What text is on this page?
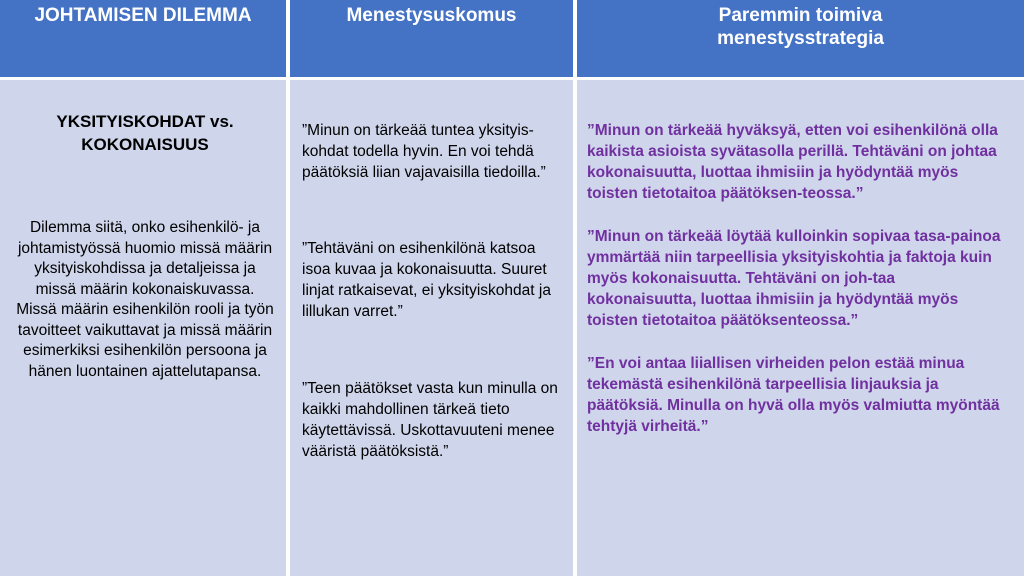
JOHTAMISEN DILEMMA	Menestysuskomus	Paremmin toimiva
menestysstrategia
YKSITYISKOHDAT vs.
KOKONAISUUS

Dilemma siitä, onko esihenkilö- ja johtamistyössä huomio missä määrin yksityiskohdissa ja detaljeissa ja missä määrin kokonaiskuvassa. Missä määrin esihenkilön rooli ja työn tavoitteet vaikuttavat ja missä määrin esimerkiksi esihenkilön persoona ja hänen luontainen ajattelutapansa.

”Minun on tärkeää tuntea yksityis-kohdat todella hyvin. En voi tehdä päätöksiä liian vajavaisilla tiedoilla.”

”Tehtäväni on esihenkilönä katsoa isoa kuvaa ja kokonaisuutta. Suuret linjat ratkaisevat, ei yksityiskohdat ja lillukan varret.”

”Teen päätökset vasta kun minulla on kaikki mahdollinen tärkeä tieto käytettävissä. Uskottavuuteni menee vääristä päätöksistä.”

”Minun on tärkeää hyväksyä, etten voi esihenkilönä olla kaikista asioista syvätasolla perillä. Tehtäväni on johtaa kokonaisuutta, luottaa ihmisiin ja hyödyntää myös toisten tietotaitoa päätöksen-teossa.”

”Minun on tärkeää löytää kulloinkin sopivaa tasa-painoa ymmärtää niin tarpeellisia yksityiskohtia ja faktoja kuin myös kokonaisuutta. Tehtäväni on joh-taa kokonaisuutta, luottaa ihmisiin ja hyödyntää myös toisten tietotaitoa päätöksenteossa.”

”En voi antaa liiallisen virheiden pelon estää minua tekemästä esihenkilönä tarpeellisia linjauksia ja päätöksiä. Minulla on hyvä olla myös valmiutta myöntää tehtyjä virheitä.”
